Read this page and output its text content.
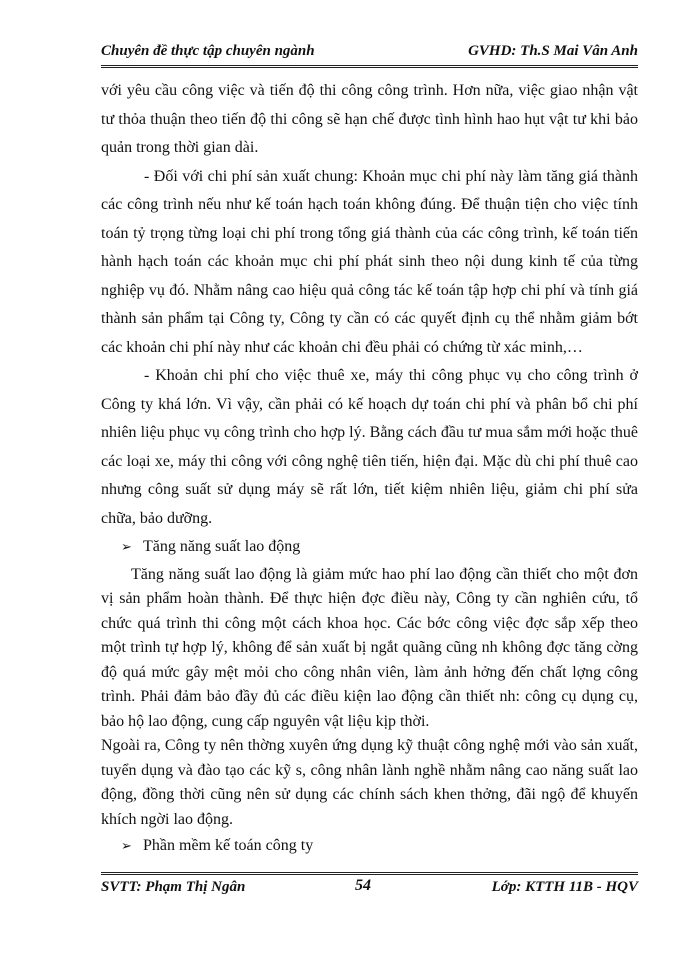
Chuyên đề thực tập chuyên ngành	GVHD: Th.S Mai Vân Anh

với yêu cầu công việc và tiến độ thi công công trình. Hơn nữa, việc giao nhận vật tư thỏa thuận theo tiến độ thi công sẽ hạn chế được tình hình hao hụt vật tư khi bảo quản trong thời gian dài.

- Đối với chi phí sản xuất chung: Khoản mục chi phí này làm tăng giá thành các công trình nếu như kế toán hạch toán không đúng. Để thuận tiện cho việc tính toán tỷ trọng từng loại chi phí trong tổng giá thành của các công trình, kế toán tiến hành hạch toán các khoản mục chi phí phát sinh theo nội dung kinh tế của từng nghiệp vụ đó. Nhằm nâng cao hiệu quả công tác kế toán tập hợp chi phí và tính giá thành sản phẩm tại Công ty, Công ty cần có các quyết định cụ thể nhằm giảm bớt các khoản chi phí này như các khoản chi đều phải có chứng từ xác minh,…

- Khoản chi phí cho việc thuê xe, máy thi công phục vụ cho công trình ở Công ty khá lớn. Vì vậy, cần phải có kế hoạch dự toán chi phí và phân bổ chi phí nhiên liệu phục vụ công trình cho hợp lý. Bằng cách đầu tư mua sắm mới hoặc thuê các loại xe, máy thi công với công nghệ tiên tiến, hiện đại. Mặc dù chi phí thuê cao nhưng công suất sử dụng máy sẽ rất lớn, tiết kiệm nhiên liệu, giảm chi phí sửa chữa, bảo dưỡng.

➢ Tăng năng suất lao động

Tăng năng suất lao động là giảm mức hao phí lao động cần thiết cho một đơn vị sản phẩm hoàn thành. Để thực hiện đợc điều này, Công ty cần nghiên cứu, tổ chức quá trình thi công một cách khoa học. Các bớc công việc đợc sắp xếp theo một trình tự hợp lý, không để sản xuất bị ngắt quãng cũng nh không đợc tăng cờng độ quá mức gây mệt mỏi cho công nhân viên, làm ảnh hởng đến chất lợng công trình. Phải đảm bảo đầy đủ các điều kiện lao động cần thiết nh: công cụ dụng cụ, bảo hộ lao động, cung cấp nguyên vật liệu kịp thời.

Ngoài ra, Công ty nên thờng xuyên ứng dụng kỹ thuật công nghệ mới vào sản xuất, tuyển dụng và đào tạo các kỹ s, công nhân lành nghề nhằm nâng cao năng suất lao động, đồng thời cũng nên sử dụng các chính sách khen thởng, đãi ngộ để khuyến khích ngời lao động.

➢ Phần mềm kế toán công ty

SVTT: Phạm Thị Ngân	54	Lớp: KTTH 11B - HQV
